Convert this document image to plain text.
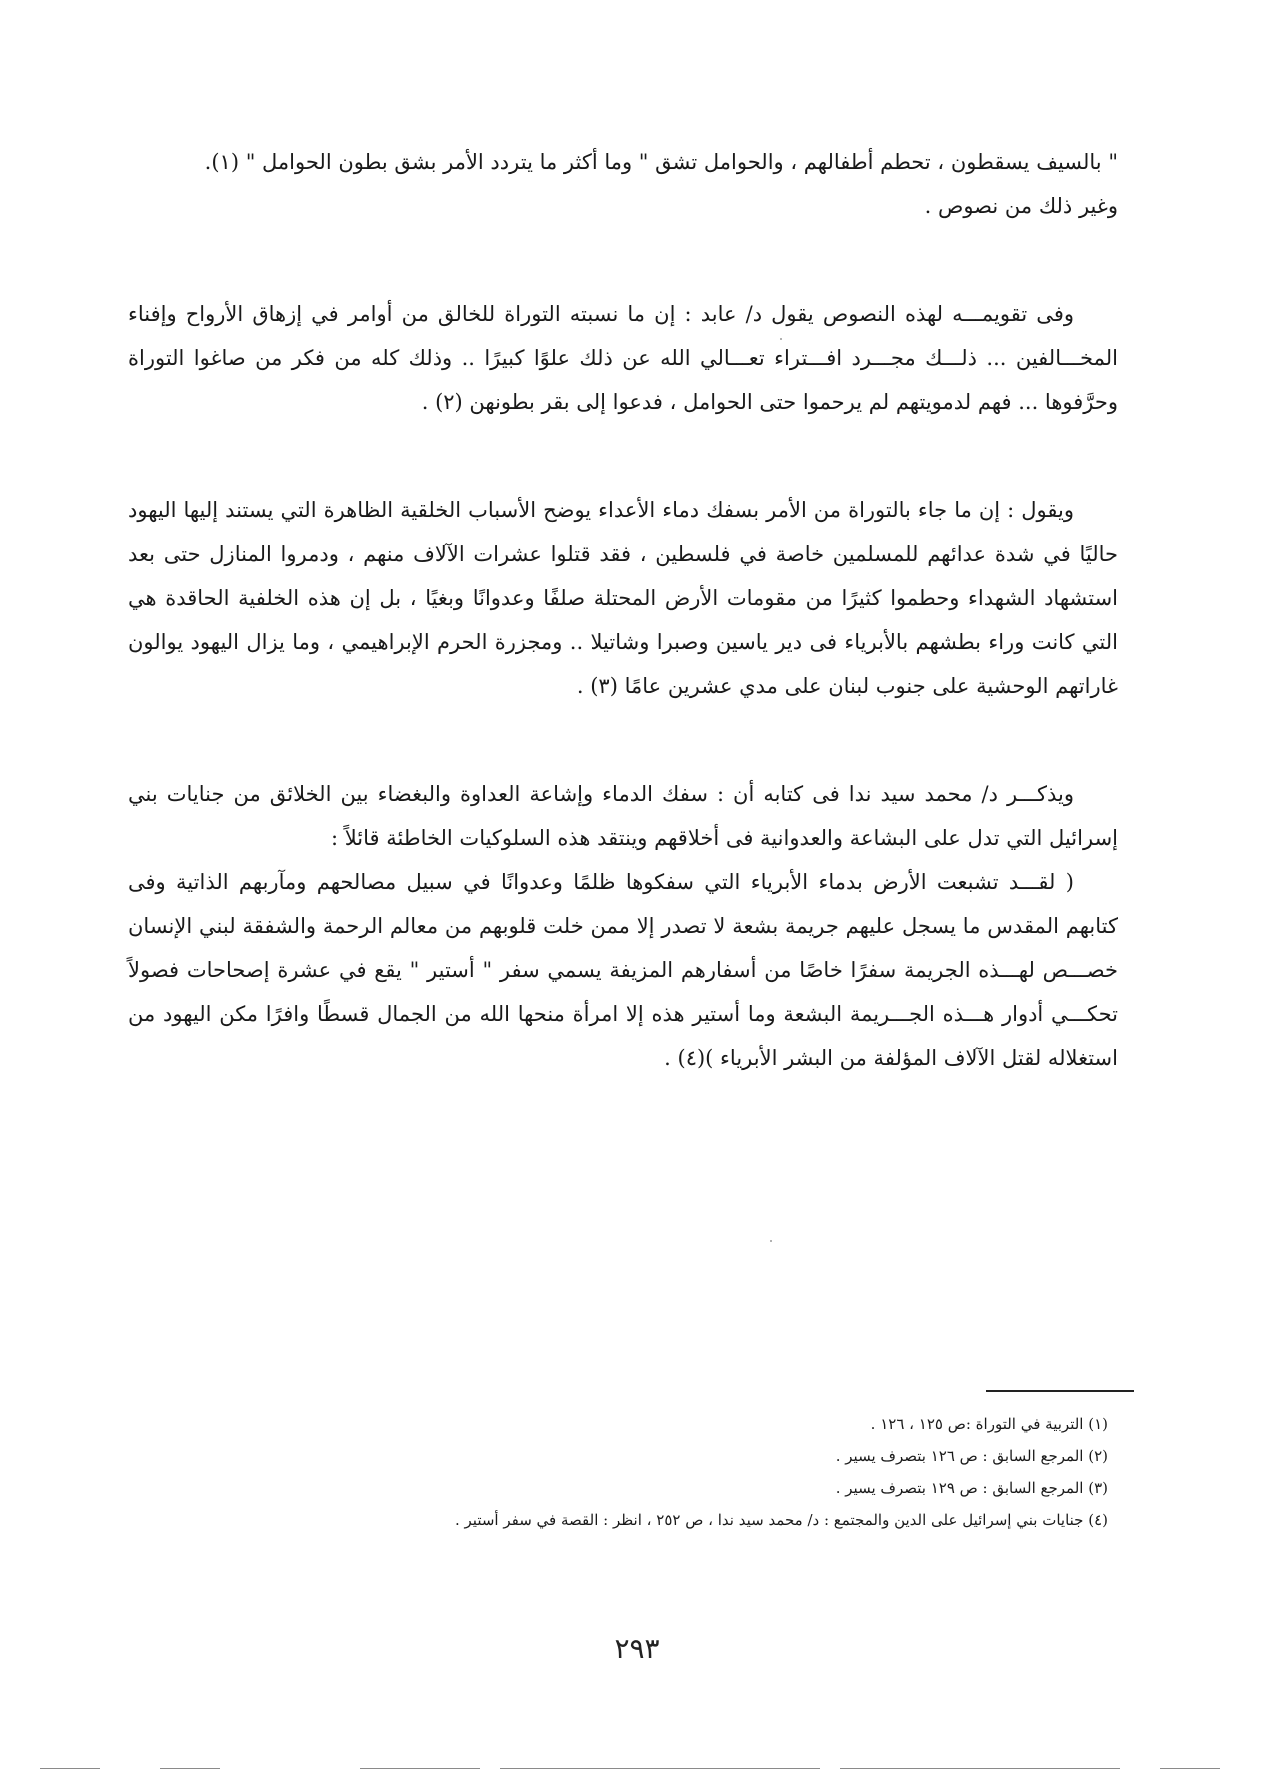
" بالسيف يسقطون ، تحطم أطفالهم ، والحوامل تشق " وما أكثر ما يتردد الأمر بشق بطون الحوامل " (١).

وغير ذلك من نصوص .

وفى تقويمـــه لهذه النصوص يقول د/ عابد : إن ما نسبته التوراة للخالق من أوامر في إزهاق الأرواح وإفناء المخـــالفين ... ذلـــك مجـــرد افـــتراء تعـــالي الله عن ذلك علوًا كبيرًا .. وذلك كله من فكر من صاغوا التوراة وحرَّفوها ... فهم لدمويتهم لم يرحموا حتى الحوامل ، فدعوا إلى بقر بطونهن (٢) .

ويقول : إن ما جاء بالتوراة من الأمر بسفك دماء الأعداء يوضح الأسباب الخلقية الظاهرة التي يستند إليها اليهود حاليًا في شدة عدائهم للمسلمين خاصة في فلسطين ، فقد قتلوا عشرات الآلاف منهم ، ودمروا المنازل حتى بعد استشهاد الشهداء وحطموا كثيرًا من مقومات الأرض المحتلة صلفًا وعدوانًا وبغيًا ، بل إن هذه الخلفية الحاقدة هي التي كانت وراء بطشهم بالأبرياء فى دير ياسين وصبرا وشاتيلا .. ومجزرة الحرم الإبراهيمي ، وما يزال اليهود يوالون غاراتهم الوحشية على جنوب لبنان على مدي عشرين عامًا (٣) .

ويذكـــر د/ محمد سيد ندا فى كتابه أن : سفك الدماء وإشاعة العداوة والبغضاء بين الخلائق من جنايات بني إسرائيل التي تدل على البشاعة والعدوانية فى أخلاقهم وينتقد هذه السلوكيات الخاطئة قائلاً :

( لقـــد تشبعت الأرض بدماء الأبرياء التي سفكوها ظلمًا وعدوانًا في سبيل مصالحهم ومآربهم الذاتية وفى كتابهم المقدس ما يسجل عليهم جريمة بشعة لا تصدر إلا ممن خلت قلوبهم من معالم الرحمة والشفقة لبني الإنسان خصـــص لهـــذه الجريمة سفرًا خاصًا من أسفارهم المزيفة يسمي سفر " أستير " يقع في عشرة إصحاحات فصولاً تحكـــي أدوار هـــذه الجـــريمة البشعة وما أستير هذه إلا امرأة منحها الله من الجمال قسطًا وافرًا مكن اليهود من استغلاله لقتل الآلاف المؤلفة من البشر الأبرياء )(٤) .

(١) التربية في التوراة :ص ١٢٥ ، ١٢٦ .
(٢) المرجع السابق : ص ١٢٦ بتصرف يسير .
(٣) المرجع السابق : ص ١٢٩ بتصرف يسير .
(٤) جنايات بني إسرائيل على الدين والمجتمع : د/ محمد سيد ندا ، ص ٢٥٢ ، انظر : القصة في سفر أستير .
٢٩٣
